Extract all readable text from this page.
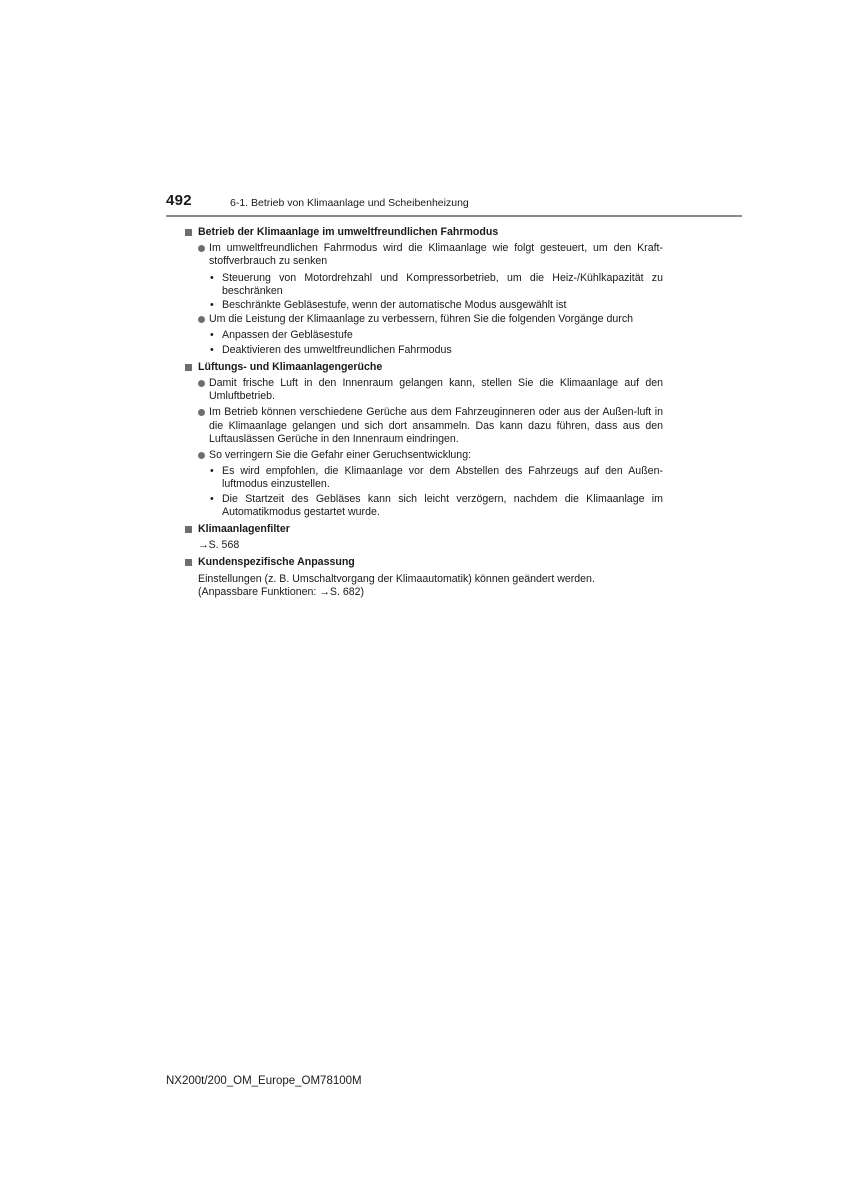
492	6-1. Betrieb von Klimaanlage und Scheibenheizung
Betrieb der Klimaanlage im umweltfreundlichen Fahrmodus
Im umweltfreundlichen Fahrmodus wird die Klimaanlage wie folgt gesteuert, um den Kraft-stoffverbrauch zu senken
• Steuerung von Motordrehzahl und Kompressorbetrieb, um die Heiz-/Kühlkapazität zu beschränken
• Beschränkte Gebläsestufe, wenn der automatische Modus ausgewählt ist
Um die Leistung der Klimaanlage zu verbessern, führen Sie die folgenden Vorgänge durch
• Anpassen der Gebläsestufe
• Deaktivieren des umweltfreundlichen Fahrmodus
Lüftungs- und Klimaanlagengerüche
Damit frische Luft in den Innenraum gelangen kann, stellen Sie die Klimaanlage auf den Umluftbetrieb.
Im Betrieb können verschiedene Gerüche aus dem Fahrzeuginneren oder aus der Außen-luft in die Klimaanlage gelangen und sich dort ansammeln. Das kann dazu führen, dass aus den Luftauslässen Gerüche in den Innenraum eindringen.
So verringern Sie die Gefahr einer Geruchsentwicklung:
• Es wird empfohlen, die Klimaanlage vor dem Abstellen des Fahrzeugs auf den Außen-luftmodus einzustellen.
• Die Startzeit des Gebläses kann sich leicht verzögern, nachdem die Klimaanlage im Automatikmodus gestartet wurde.
Klimaanlagenfilter
→S. 568
Kundenspezifische Anpassung
Einstellungen (z. B. Umschaltvorgang der Klimaautomatik) können geändert werden.
(Anpassbare Funktionen: →S. 682)
NX200t/200_OM_Europe_OM78100M
